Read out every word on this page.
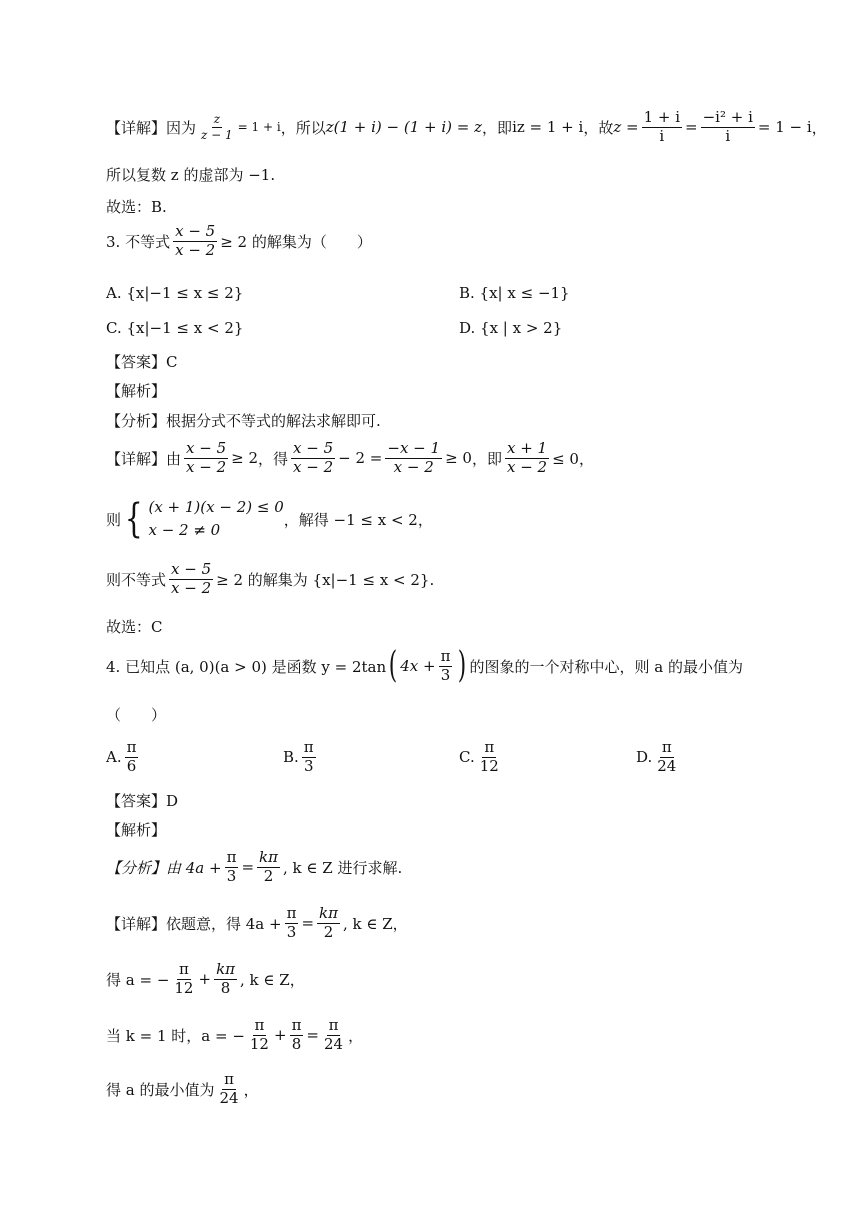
【详解】 因为 $\frac{z}{z - 1} = 1 + i$ ，所以 z(1 + i) − (1 + i) = z ，即 iz = 1 + i ，故 $z = \frac{1 + i}{i} = \frac{\text{−i² + i}}{i} = 1 - i$ ，
所以复数 z 的虚部为 −1.
故选：B.
3. 不等式 $\frac{x - 5}{x - 2} \ge 2$ 的解集为（　　）
A. {x|−1 ≤ x ≤ 2}	B. {x| x ≤ −1}
C. {x|−1 ≤ x < 2}	D. {x | x > 2}
【答案】C
【解析】
【分析】根据分式不等式的解法求解即可.
【详解】 由 $\frac{x - 5}{x - 2} \ge 2$ ，得 $\frac{x - 5}{x - 2} - 2 = \frac{-x - 1}{x - 2} \ge 0$ ，即 $\frac{x + 1}{x - 2} \le 0$，
则 { (x + 1)(x − 2) ≤ 0
x − 2 ≠ 0
，解得 −1 ≤ x < 2，
则不等式 $\frac{x - 5}{x - 2} \ge 2$ 的解集为 {x|−1 ≤ x < 2}.
故选：C
4. 已知点 (a, 0)(a > 0) 是函数 y = 2tan ( $4x + \frac{\pi}{3}$ ) 的图象的一个对称中心，则 a 的最小值为
（　　）
A. $\frac{\pi}{6}$	B. $\frac{\pi}{3}$	C. $\frac{\pi}{12}$	D. $\frac{\pi}{24}$
【答案】D
【解析】
【分析】由 $4a + \frac{\pi}{3} = \frac{k\pi}{2}$ , k ∈ Z 进行求解.
【详解】依题意，得 $4a + \frac{\pi}{3} = \frac{k\pi}{2}$ , k ∈ Z，
得 a = − $\frac{\pi}{12} + \frac{k\pi}{8}$ , k ∈ Z，
当 k = 1 时，a = − $\frac{\pi}{12} + \frac{\pi}{8} = \frac{\pi}{24}$ ，
得 a 的最小值为 $\frac{\pi}{24}$ ，
